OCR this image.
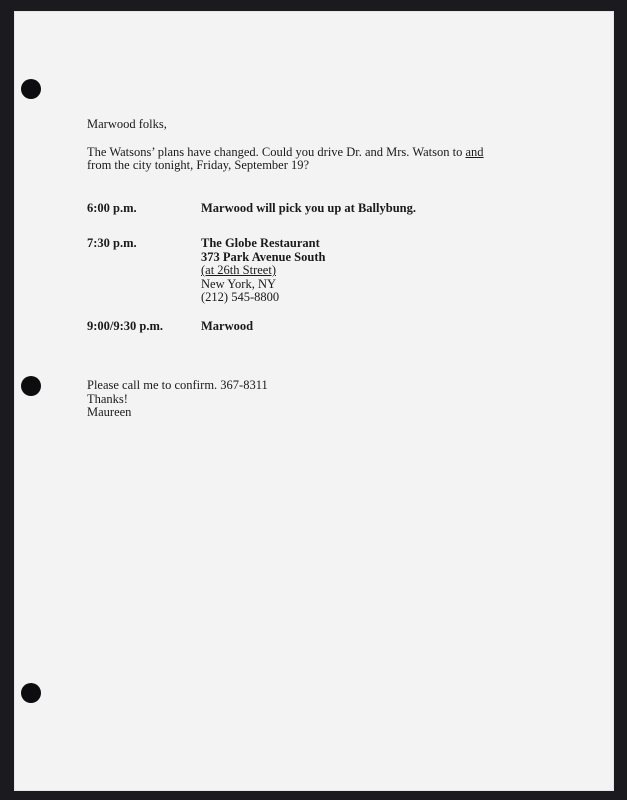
Marwood folks,

The Watsons’ plans have changed. Could you drive Dr. and Mrs. Watson to and
from the city tonight, Friday, September 19?

6:00 p.m.	Marwood will pick you up at Ballybung.
7:30 p.m.	The Globe Restaurant
373 Park Avenue South
(at 26th Street)
New York, NY
(212) 545-8800
9:00/9:30 p.m.	Marwood

Please call me to confirm. 367-8311

Thanks!

Maureen
